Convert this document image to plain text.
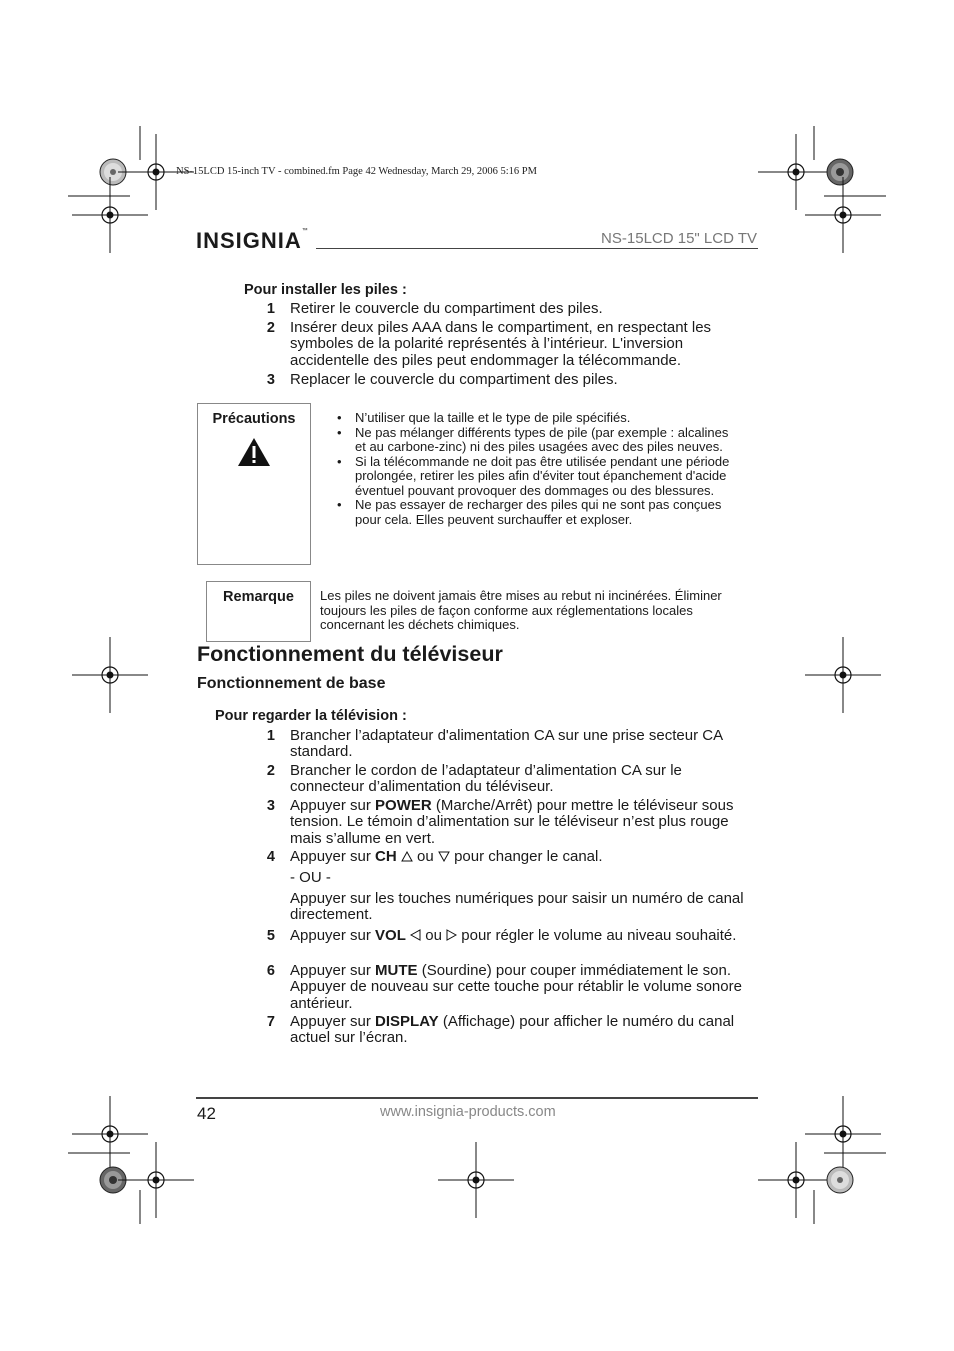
NS-15LCD 15-inch TV - combined.fm Page 42 Wednesday, March 29, 2006 5:16 PM
INSIGNIA™	NS-15LCD 15" LCD TV
Pour installer les piles :
1 Retirer le couvercle du compartiment des piles.
2 Insérer deux piles AAA dans le compartiment, en respectant les symboles de la polarité représentés à l’intérieur. L'inversion accidentelle des piles peut endommager la télécommande.
3 Replacer le couvercle du compartiment des piles.
Précautions
•	N’utiliser que la taille et le type de pile spécifiés.
• Ne pas mélanger différents types de pile (par exemple : alcalines et au carbone-zinc) ni des piles usagées avec des piles neuves.
• Si la télécommande ne doit pas être utilisée pendant une période prolongée, retirer les piles afin d'éviter tout épanchement d'acide éventuel pouvant provoquer des dommages ou des blessures.
• Ne pas essayer de recharger des piles qui ne sont pas conçues pour cela. Elles peuvent surchauffer et exploser.
Remarque	Les piles ne doivent jamais être mises au rebut ni incinérées. Éliminer toujours les piles de façon conforme aux réglementations locales concernant les déchets chimiques.
Fonctionnement du téléviseur
Fonctionnement de base
Pour regarder la télévision :
1 Brancher l’adaptateur d'alimentation CA sur une prise secteur CA standard.
2 Brancher le cordon de l’adaptateur d’alimentation CA sur le connecteur d’alimentation du téléviseur.
3 Appuyer sur POWER (Marche/Arrêt) pour mettre le téléviseur sous tension. Le témoin d’alimentation sur le téléviseur n’est plus rouge mais s’allume en vert.
4 Appuyer sur CH  ou  pour changer le canal.
- OU -
Appuyer sur les touches numériques pour saisir un numéro de canal directement.
5 Appuyer sur VOL  ou  pour régler le volume au niveau souhaité.
6 Appuyer sur MUTE (Sourdine) pour couper immédiatement le son. Appuyer de nouveau sur cette touche pour rétablir le volume sonore antérieur.
7 Appuyer sur DISPLAY (Affichage) pour afficher le numéro du canal actuel sur l’écran.
42	www.insignia-products.com
